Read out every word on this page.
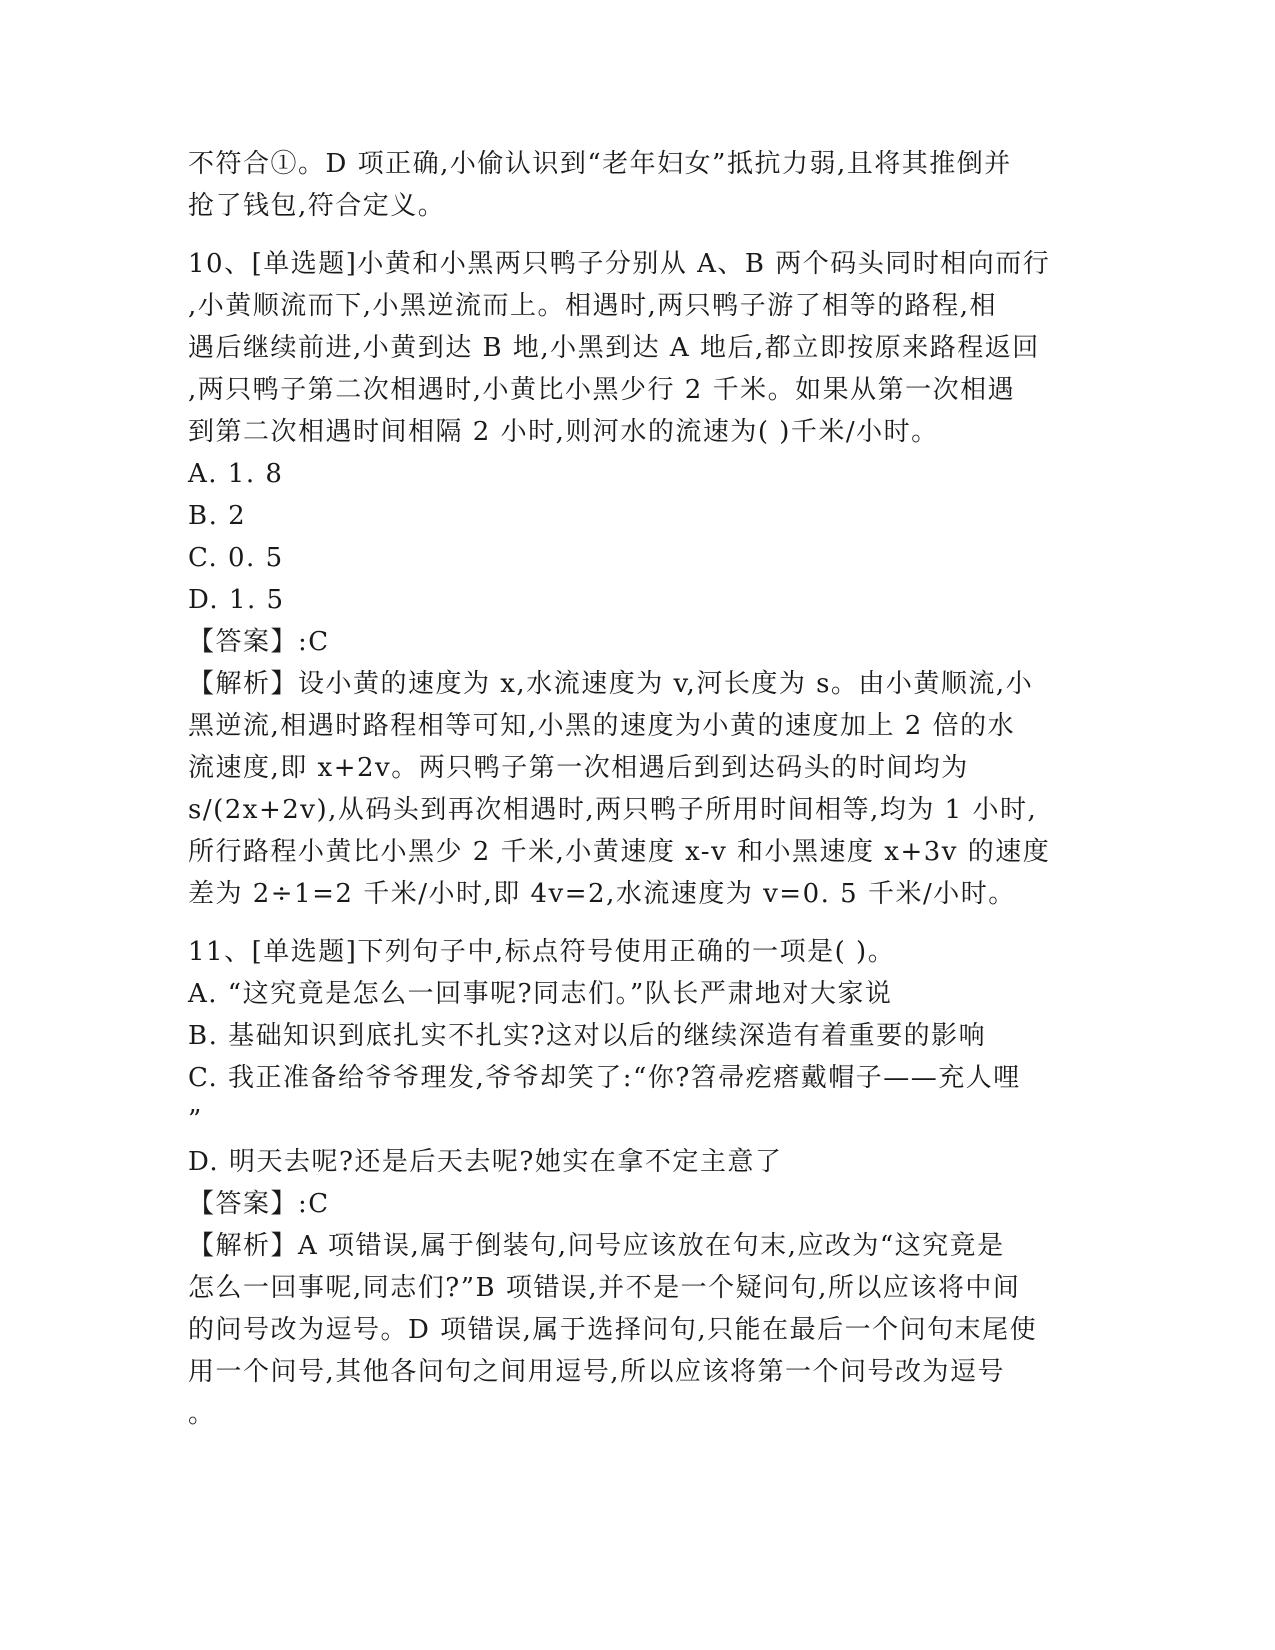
不符合①。D 项正确,小偷认识到“老年妇女”抵抗力弱,且将其推倒并
抢了钱包,符合定义。
10、[单选题]小黄和小黑两只鸭子分别从 A、B 两个码头同时相向而行
,小黄顺流而下,小黑逆流而上。相遇时,两只鸭子游了相等的路程,相
遇后继续前进,小黄到达 B 地,小黑到达 A 地后,都立即按原来路程返回
,两只鸭子第二次相遇时,小黄比小黑少行 2 千米。如果从第一次相遇
到第二次相遇时间相隔 2 小时,则河水的流速为( )千米/小时。
A. 1. 8
B. 2
C. 0. 5
D. 1. 5
【答案】:C
【解析】设小黄的速度为 x,水流速度为 v,河长度为 s。由小黄顺流,小
黑逆流,相遇时路程相等可知,小黑的速度为小黄的速度加上 2 倍的水
流速度,即 x+2v。两只鸭子第一次相遇后到到达码头的时间均为
s/(2x+2v),从码头到再次相遇时,两只鸭子所用时间相等,均为 1 小时,
所行路程小黄比小黑少 2 千米,小黄速度 x-v 和小黑速度 x+3v 的速度
差为 2÷1=2 千米/小时,即 4v=2,水流速度为 v=0. 5 千米/小时。
11、[单选题]下列句子中,标点符号使用正确的一项是( )。
A. “这究竟是怎么一回事呢?同志们。”队长严肃地对大家说
B. 基础知识到底扎实不扎实?这对以后的继续深造有着重要的影响
C. 我正准备给爷爷理发,爷爷却笑了:“你?笤帚疙瘩戴帽子——充人哩
”
D. 明天去呢?还是后天去呢?她实在拿不定主意了
【答案】:C
【解析】A 项错误,属于倒装句,问号应该放在句末,应改为“这究竟是
怎么一回事呢,同志们?”B 项错误,并不是一个疑问句,所以应该将中间
的问号改为逗号。D 项错误,属于选择问句,只能在最后一个问句末尾使
用一个问号,其他各问句之间用逗号,所以应该将第一个问号改为逗号
。
